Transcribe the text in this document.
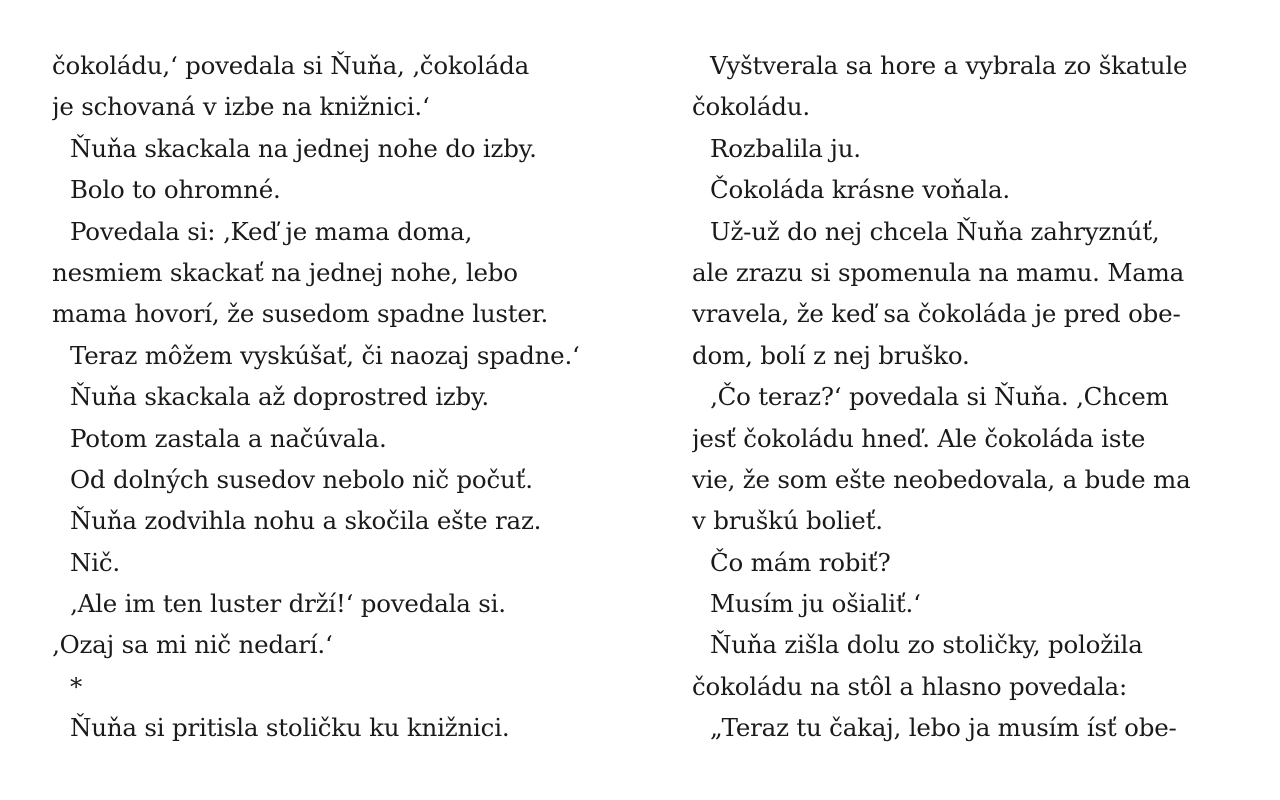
čokoládu,‘ povedala si Ňuňa, ‚čokoláda
je schovaná v izbe na knižnici.‘
Ňuňa skackala na jednej nohe do izby.
Bolo to ohromné.
Povedala si: ‚Keď je mama doma,
nesmiem skackať na jednej nohe, lebo
mama hovorí, že susedom spadne luster.
Teraz môžem vyskúšať, či naozaj spadne.‘
Ňuňa skackala až doprostred izby.
Potom zastala a načúvala.
Od dolných susedov nebolo nič počuť.
Ňuňa zodvihla nohu a skočila ešte raz.
Nič.
‚Ale im ten luster drží!‘ povedala si.
‚Ozaj sa mi nič nedarí.‘
*
Ňuňa si pritisla stoličku ku knižnici.
Vyštverala sa hore a vybrala zo škatule
čokoládu.
Rozbalila ju.
Čokoláda krásne voňala.
Už-už do nej chcela Ňuňa zahryznúť,
ale zrazu si spomenula na mamu. Mama
vravela, že keď sa čokoláda je pred obe-
dom, bolí z nej bruško.
‚Čo teraz?‘ povedala si Ňuňa. ‚Chcem
jesť čokoládu hneď. Ale čokoláda iste
vie, že som ešte neobedovala, a bude ma
v bruškú bolieť.
Čo mám robiť?
Musím ju ošialiť.‘
Ňuňa zišla dolu zo stoličky, položila
čokoládu na stôl a hlasno povedala:
„Teraz tu čakaj, lebo ja musím ísť obe-
